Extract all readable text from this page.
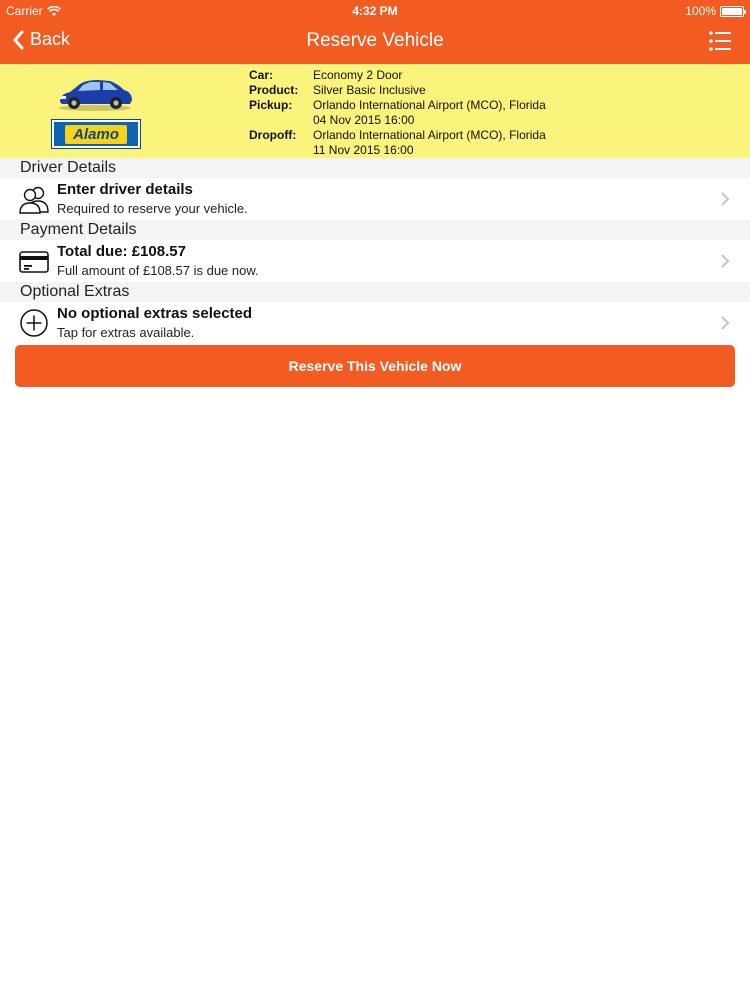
Carrier	4:32 PM	100%
Back	Reserve Vehicle
Alamo
Car:	Economy 2 Door
Product:	Silver Basic Inclusive
Pickup:	Orlando International Airport (MCO), Florida
04 Nov 2015 16:00
Dropoff:	Orlando International Airport (MCO), Florida
11 Nov 2015 16:00
Driver Details
Enter driver details
Required to reserve your vehicle.
Payment Details
Total due: £108.57
Full amount of £108.57 is due now.
Optional Extras
No optional extras selected
Tap for extras available.
Reserve This Vehicle Now
